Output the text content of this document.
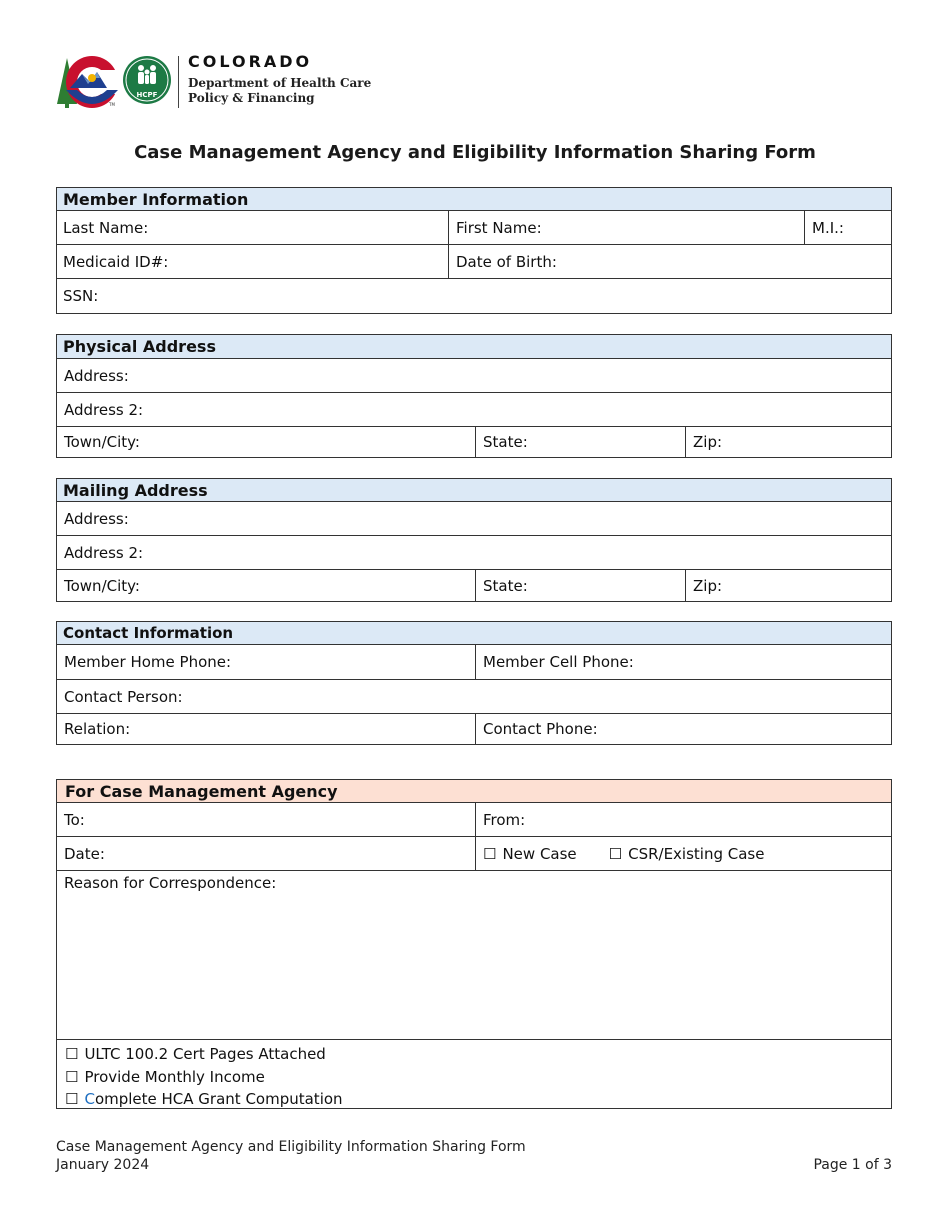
HCPF
TM
COLORADO
Department of Health Care
Policy & Financing
Case Management Agency and Eligibility Information Sharing Form
Member Information
Last Name:	First Name:	M.I.:
Medicaid ID#:	Date of Birth:
SSN:
Physical Address
Address:
Address 2:
Town/City:	State:	Zip:
Mailing Address
Address:
Address 2:
Town/City:	State:	Zip:
Contact Information
Member Home Phone:	Member Cell Phone:
Contact Person:
Relation:	Contact Phone:
For Case Management Agency
To:	From:
Date:	☐ New Case ☐ CSR/Existing Case
Reason for Correspondence:
☐ ULTC 100.2 Cert Pages Attached
☐ Provide Monthly Income
☐ Complete HCA Grant Computation
Case Management Agency and Eligibility Information Sharing Form
January 2024	Page 1 of 3
